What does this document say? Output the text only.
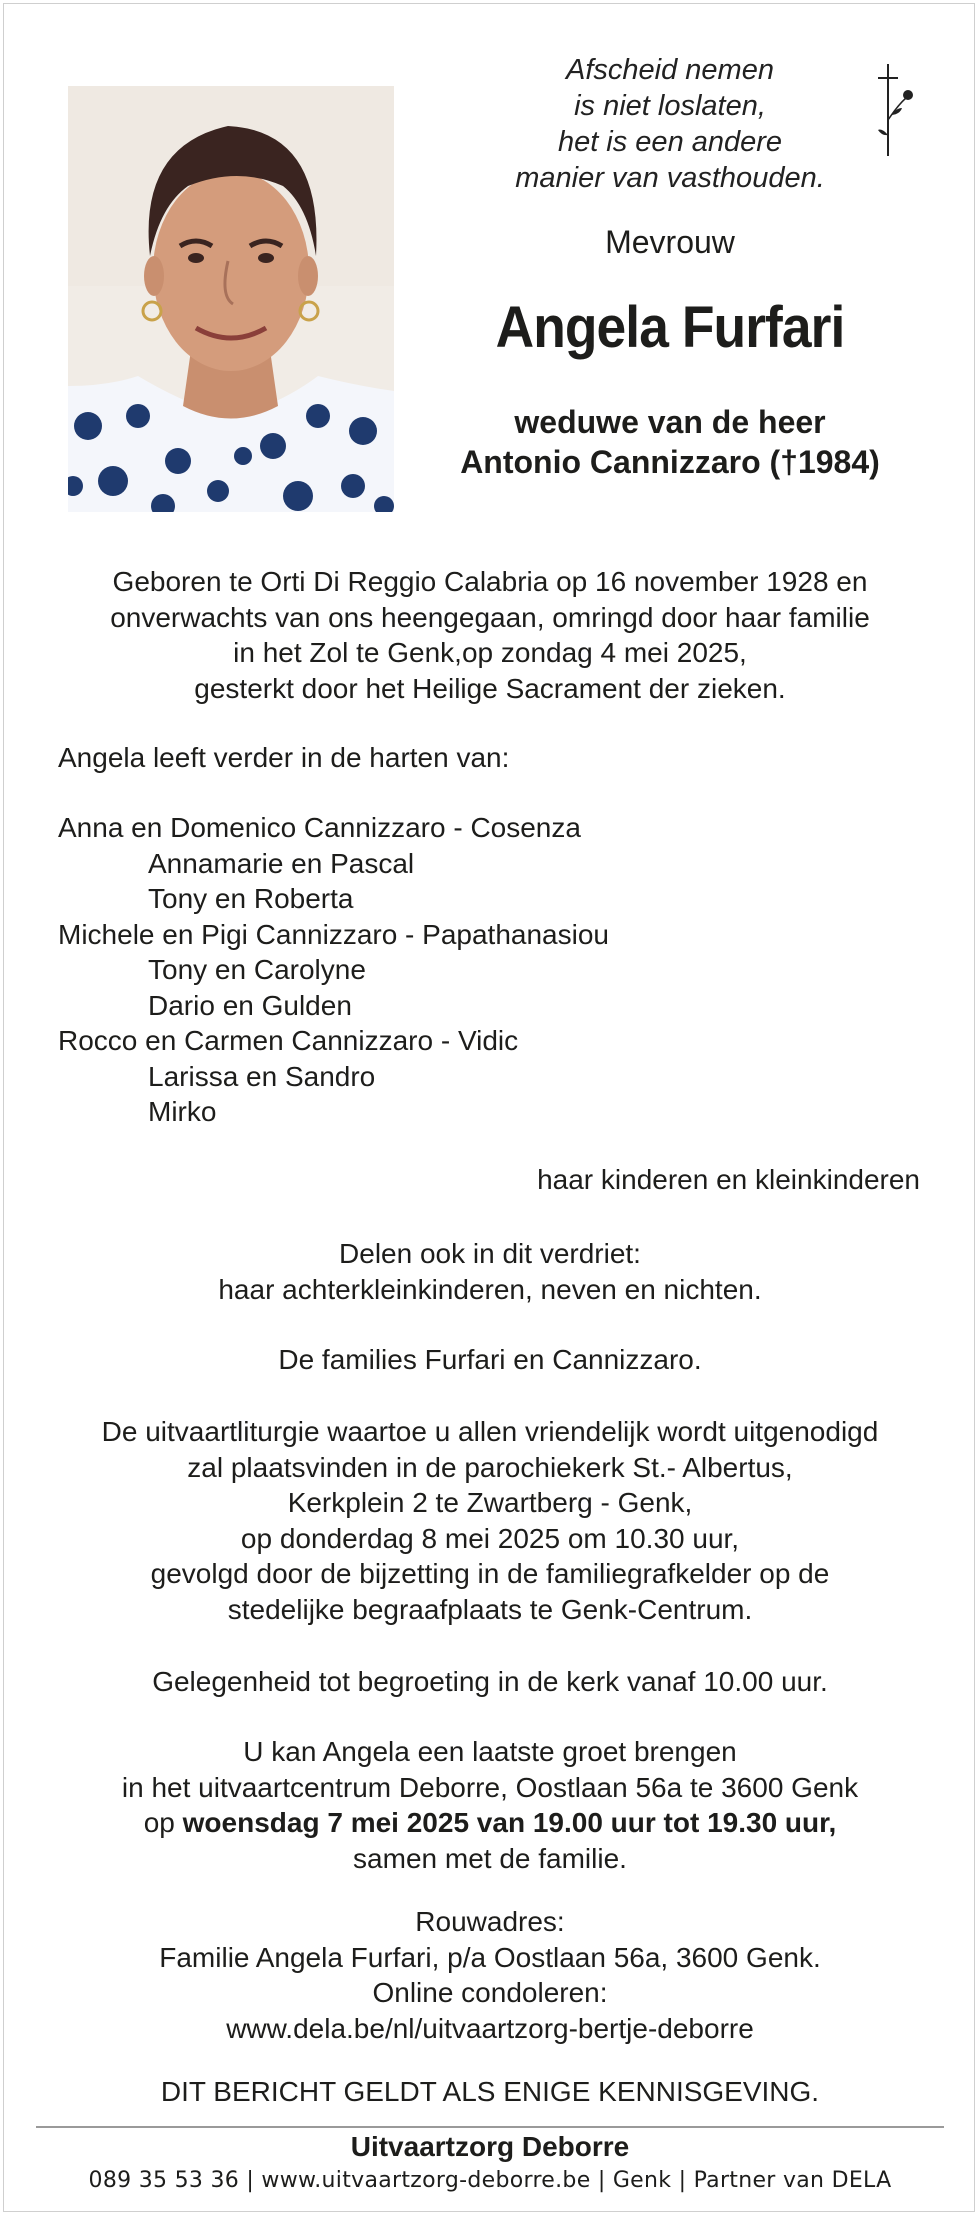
Afscheid nemen
is niet loslaten,
het is een andere
manier van vasthouden.
Mevrouw
Angela Furfari
weduwe van de heer
Antonio Cannizzaro (†1984)
Geboren te Orti Di Reggio Calabria op 16 november 1928 en
onverwachts van ons heengegaan, omringd door haar familie
in het Zol te Genk,op zondag 4 mei 2025,
gesterkt door het Heilige Sacrament der zieken.
Angela leeft verder in de harten van:
Anna en Domenico Cannizzaro - Cosenza
Annamarie en Pascal
Tony en Roberta
Michele en Pigi Cannizzaro - Papathanasiou
Tony en Carolyne
Dario en Gulden
Rocco en Carmen Cannizzaro - Vidic
Larissa en Sandro
Mirko
haar kinderen en kleinkinderen
Delen ook in dit verdriet:
haar achterkleinkinderen, neven en nichten.
De families Furfari en Cannizzaro.
De uitvaartliturgie waartoe u allen vriendelijk wordt uitgenodigd
zal plaatsvinden in de parochiekerk St.- Albertus,
Kerkplein 2 te Zwartberg - Genk,
op donderdag 8 mei 2025 om 10.30 uur,
gevolgd door de bijzetting in de familiegrafkelder op de
stedelijke begraafplaats te Genk-Centrum.
Gelegenheid tot begroeting in de kerk vanaf 10.00 uur.
U kan Angela een laatste groet brengen
in het uitvaartcentrum Deborre, Oostlaan 56a te 3600 Genk
op woensdag 7 mei 2025 van 19.00 uur tot 19.30 uur,
samen met de familie.
Rouwadres:
Familie Angela Furfari, p/a Oostlaan 56a, 3600 Genk.
Online condoleren:
www.dela.be/nl/uitvaartzorg-bertje-deborre
DIT BERICHT GELDT ALS ENIGE KENNISGEVING.
Uitvaartzorg Deborre
089 35 53 36 | www.uitvaartzorg-deborre.be | Genk | Partner van DELA
